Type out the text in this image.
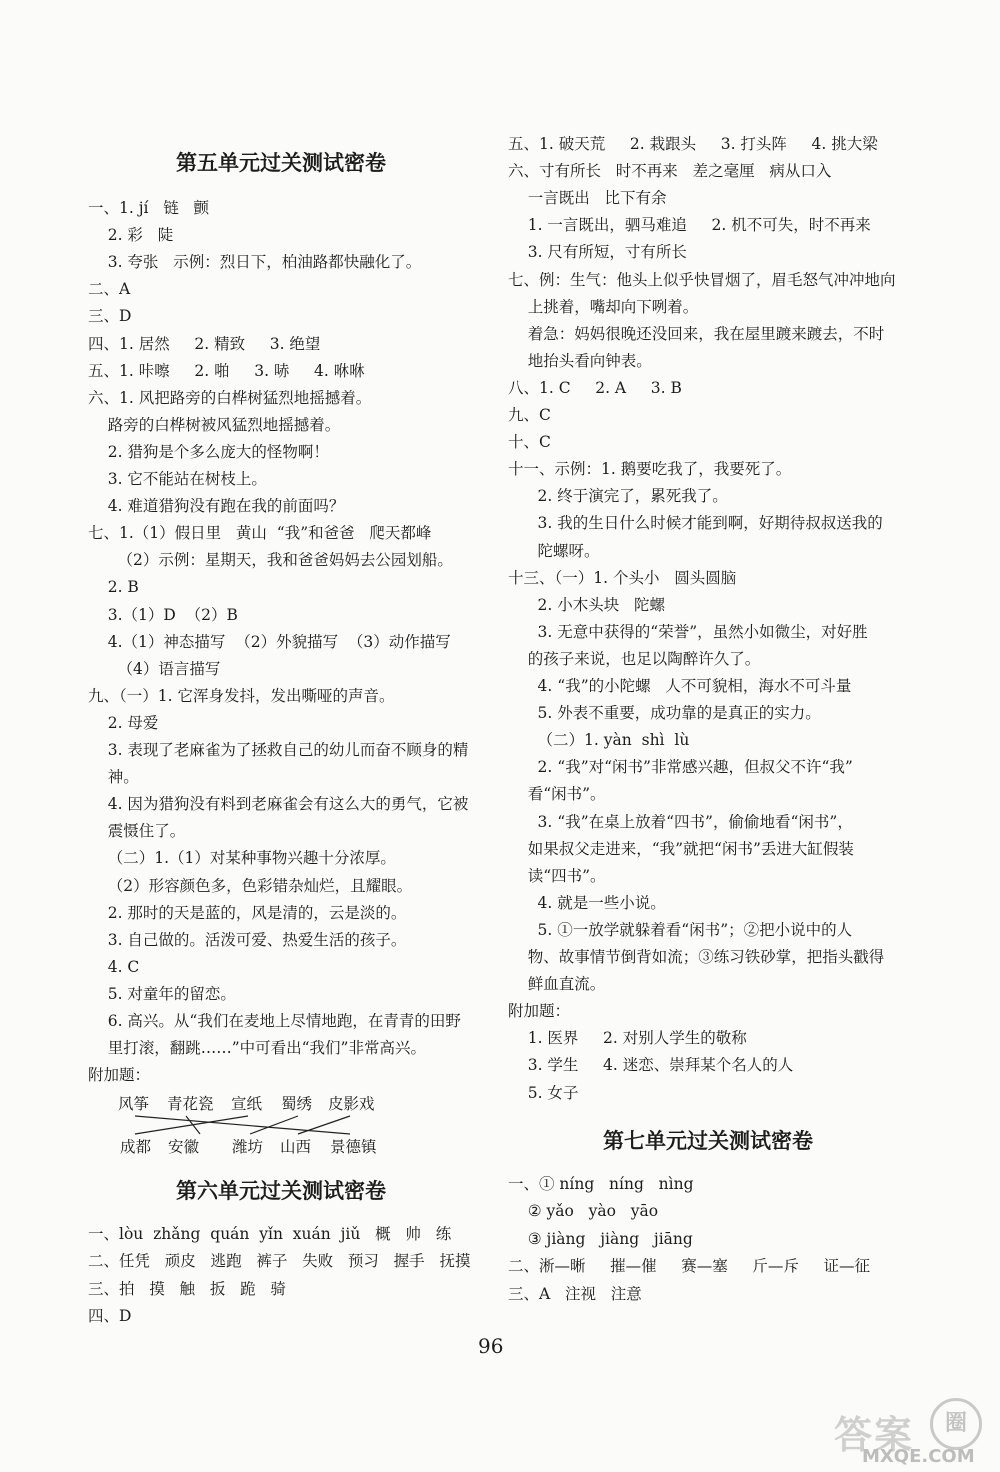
第五单元过关测试密卷
一、1. jí   链   颤
2. 彩   陡
3. 夸张   示例：烈日下，柏油路都快融化了。
二、A
三、D
四、1. 居然     2. 精致     3. 绝望
五、1. 咔嚓     2. 啪     3. 哧     4. 咻咻
六、1. 风把路旁的白桦树猛烈地摇撼着。
路旁的白桦树被风猛烈地摇撼着。
2. 猎狗是个多么庞大的怪物啊！
3. 它不能站在树枝上。
4. 难道猎狗没有跑在我的前面吗？
七、1.（1）假日里   黄山  “我”和爸爸   爬天都峰
（2）示例：星期天，我和爸爸妈妈去公园划船。
2. B
3.（1）D  （2）B
4.（1）神态描写  （2）外貌描写  （3）动作描写
（4）语言描写
九、（一）1. 它浑身发抖，发出嘶哑的声音。
2. 母爱
3. 表现了老麻雀为了拯救自己的幼儿而奋不顾身的精
神。
4. 因为猎狗没有料到老麻雀会有这么大的勇气，它被
震慑住了。
（二）1.（1）对某种事物兴趣十分浓厚。
（2）形容颜色多，色彩错杂灿烂，且耀眼。
2. 那时的天是蓝的，风是清的，云是淡的。
3. 自己做的。活泼可爱、热爱生活的孩子。
4. C
5. 对童年的留恋。
6. 高兴。从“我们在麦地上尽情地跑，在青青的田野
里打滚，翻跳……”中可看出“我们”非常高兴。
附加题：
风筝 青花瓷 宣纸 蜀绣 皮影戏
成都 安徽 潍坊 山西 景德镇
第六单元过关测试密卷
一、lòu  zhǎng  quán  yǐn  xuán  jiǔ   概   帅   练
二、任凭   顽皮   逃跑   裤子   失败   预习   握手   抚摸
三、拍   摸   触   扳   跪   骑
四、D
五、1. 破天荒     2. 栽跟头     3. 打头阵     4. 挑大梁
六、寸有所长   时不再来   差之毫厘   病从口入
一言既出   比下有余
1. 一言既出，驷马难追     2. 机不可失，时不再来
3. 尺有所短，寸有所长
七、例：生气：他头上似乎快冒烟了，眉毛怒气冲冲地向
上挑着，嘴却向下咧着。
着急：妈妈很晚还没回来，我在屋里踱来踱去，不时
地抬头看向钟表。
八、1. C     2. A     3. B
九、C
十、C
十一、示例：1. 鹅要吃我了，我要死了。
2. 终于演完了，累死我了。
3. 我的生日什么时候才能到啊，好期待叔叔送我的
陀螺呀。
十三、（一）1. 个头小   圆头圆脑
2. 小木头块   陀螺
3. 无意中获得的“荣誉”，虽然小如微尘，对好胜
的孩子来说，也足以陶醉许久了。
4. “我”的小陀螺   人不可貌相，海水不可斗量
5. 外表不重要，成功靠的是真正的实力。
（二）1. yàn  shì  lù
2. “我”对“闲书”非常感兴趣，但叔父不许“我”
看“闲书”。
3. “我”在桌上放着“四书”，偷偷地看“闲书”，
如果叔父走进来，“我”就把“闲书”丢进大缸假装
读“四书”。
4. 就是一些小说。
5. ①一放学就躲着看“闲书”；②把小说中的人
物、故事情节倒背如流；③练习铁砂掌，把指头戳得
鲜血直流。
附加题：
1. 医界     2. 对别人学生的敬称
3. 学生     4. 迷恋、崇拜某个名人的人
5. 女子
第七单元过关测试密卷
一、① níng   níng   nìng
② yǎo   yào   yāo
③ jiàng   jiàng   jiāng
二、淅—晰     摧—催     赛—塞     斤—斥     证—征
三、A   注视   注意
96
答案	圈
MXQE.COM
